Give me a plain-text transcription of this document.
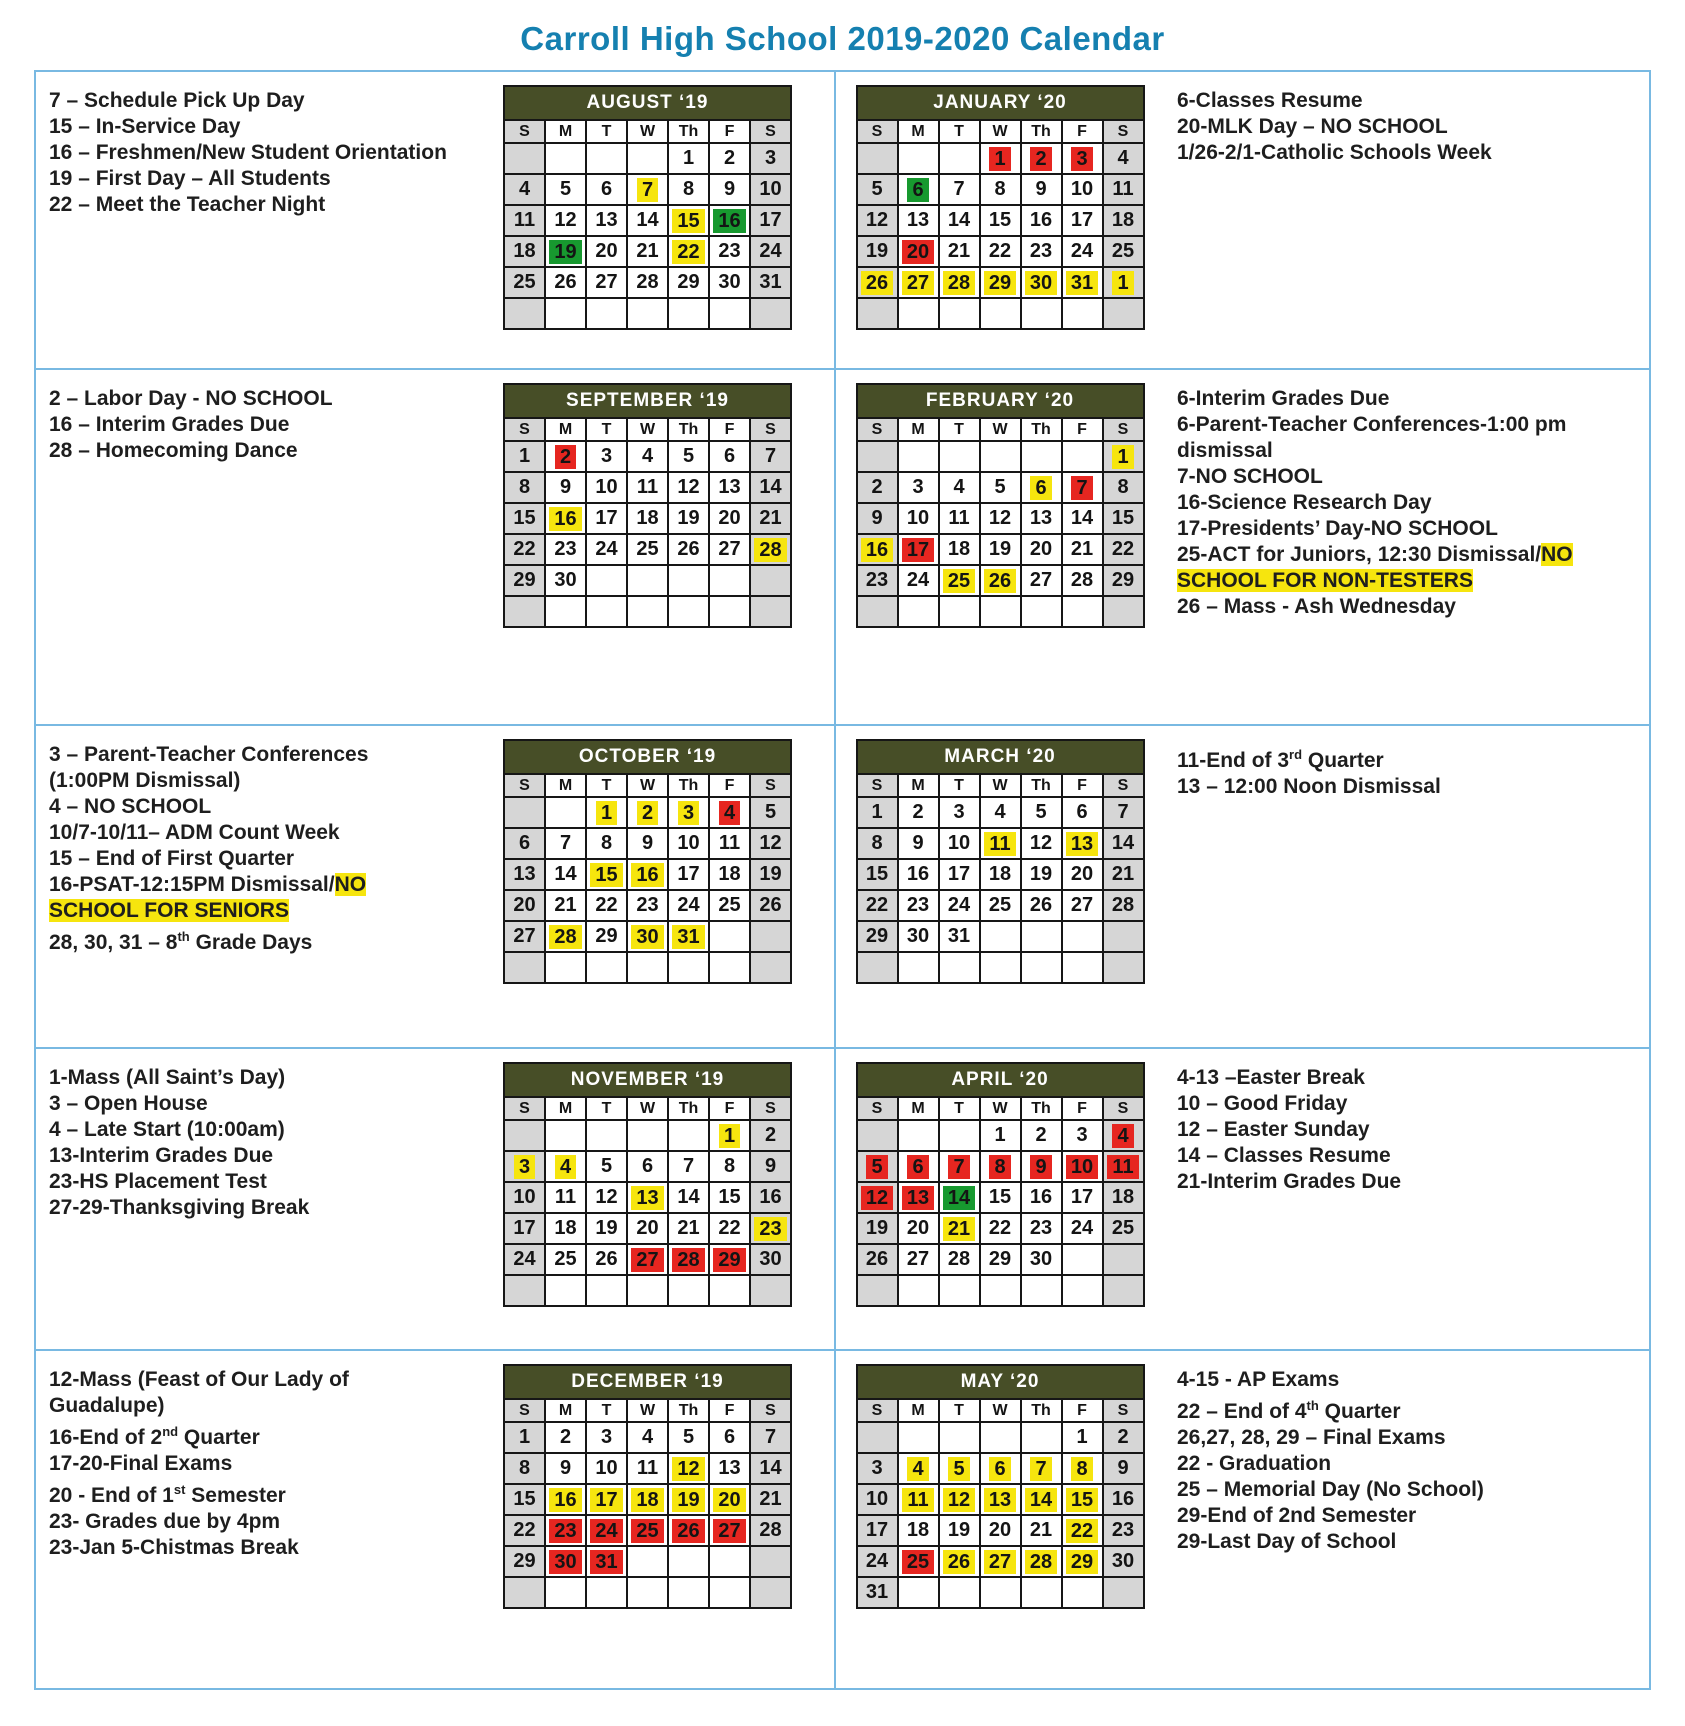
Carroll High School 2019-2020 Calendar
7 – Schedule Pick Up Day
15 – In-Service Day
16 – Freshmen/New Student Orientation
19 – First Day – All Students
22 – Meet the Teacher Night
AUGUST ‘19						
S	M	T	W	Th	F	S
				1	2	3
4	5	6	7	8	9	10
11	12	13	14	15	16	17
18	19	20	21	22	23	24
25	26	27	28	29	30	31

JANUARY ‘20						
S	M	T	W	Th	F	S
			1	2	3	4
5	6	7	8	9	10	11
12	13	14	15	16	17	18
19	20	21	22	23	24	25
26	27	28	29	30	31	1

6-Classes Resume
20-MLK Day – NO SCHOOL
1/26-2/1-Catholic Schools Week
2 – Labor Day - NO SCHOOL
16 – Interim Grades Due
28 – Homecoming Dance
SEPTEMBER ‘19						
S	M	T	W	Th	F	S
1	2	3	4	5	6	7
8	9	10	11	12	13	14
15	16	17	18	19	20	21
22	23	24	25	26	27	28
29	30					

FEBRUARY ‘20						
S	M	T	W	Th	F	S
						1
2	3	4	5	6	7	8
9	10	11	12	13	14	15
16	17	18	19	20	21	22
23	24	25	26	27	28	29

6-Interim Grades Due
6-Parent-Teacher Conferences-1:00 pm dismissal
7-NO SCHOOL
16-Science Research Day
17-Presidents’ Day-NO SCHOOL
25-ACT for Juniors, 12:30 Dismissal/NO SCHOOL FOR NON-TESTERS
26 – Mass - Ash Wednesday
3 – Parent-Teacher Conferences (1:00PM Dismissal)
4 – NO SCHOOL
10/7-10/11– ADM Count Week
15 – End of First Quarter
16-PSAT-12:15PM Dismissal/NO SCHOOL FOR SENIORS
28, 30, 31 – 8th Grade Days
OCTOBER ‘19						
S	M	T	W	Th	F	S
		1	2	3	4	5
6	7	8	9	10	11	12
13	14	15	16	17	18	19
20	21	22	23	24	25	26
27	28	29	30	31		

MARCH ‘20						
S	M	T	W	Th	F	S
1	2	3	4	5	6	7
8	9	10	11	12	13	14
15	16	17	18	19	20	21
22	23	24	25	26	27	28
29	30	31				

11-End of 3rd Quarter
13 – 12:00 Noon Dismissal
1-Mass (All Saint’s Day)
3 – Open House
4 – Late Start (10:00am)
13-Interim Grades Due
23-HS Placement Test
27-29-Thanksgiving Break
NOVEMBER ‘19						
S	M	T	W	Th	F	S
					1	2
3	4	5	6	7	8	9
10	11	12	13	14	15	16
17	18	19	20	21	22	23
24	25	26	27	28	29	30

APRIL ‘20						
S	M	T	W	Th	F	S
			1	2	3	4
5	6	7	8	9	10	11
12	13	14	15	16	17	18
19	20	21	22	23	24	25
26	27	28	29	30		

4-13 –Easter Break
10 – Good Friday
12 – Easter Sunday
14 – Classes Resume
21-Interim Grades Due
12-Mass (Feast of Our Lady of Guadalupe)
16-End of 2nd Quarter
17-20-Final Exams
20 - End of 1st Semester
23- Grades due by 4pm
23-Jan 5-Chistmas Break
DECEMBER ‘19						
S	M	T	W	Th	F	S
1	2	3	4	5	6	7
8	9	10	11	12	13	14
15	16	17	18	19	20	21
22	23	24	25	26	27	28
29	30	31				

MAY ‘20						
S	M	T	W	Th	F	S
					1	2
3	4	5	6	7	8	9
10	11	12	13	14	15	16
17	18	19	20	21	22	23
24	25	26	27	28	29	30
31						
4-15 - AP Exams
22 – End of 4th Quarter
26,27, 28, 29 – Final Exams
22 - Graduation
25 – Memorial Day (No School)
29-End of 2nd Semester
29-Last Day of School
